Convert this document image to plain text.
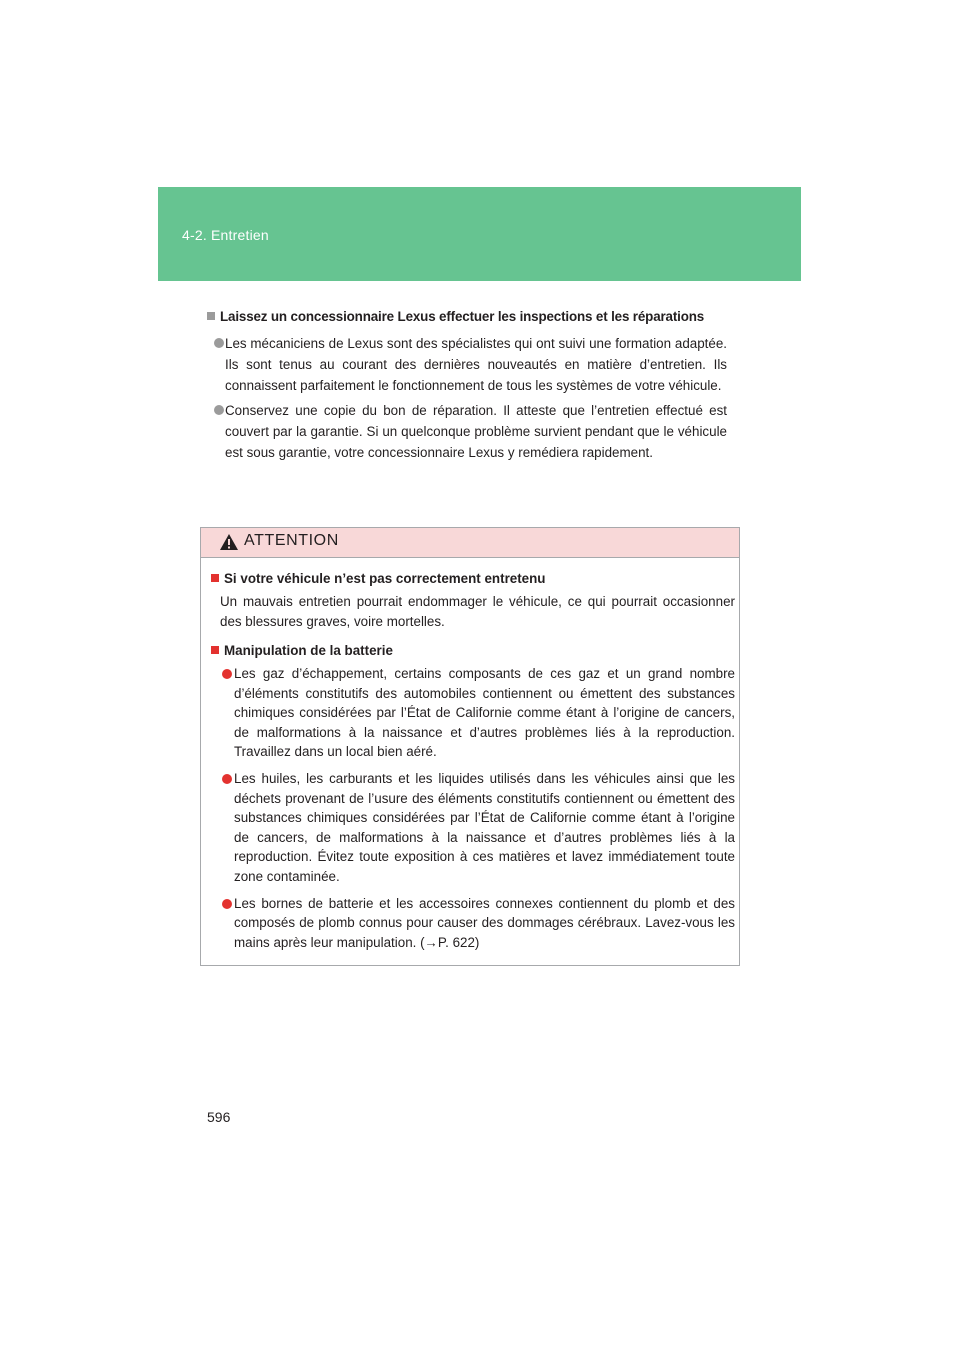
4-2. Entretien
Laissez un concessionnaire Lexus effectuer les inspections et les réparations
Les mécaniciens de Lexus sont des spécialistes qui ont suivi une formation adaptée. Ils sont tenus au courant des dernières nouveautés en matière d’entretien. Ils connaissent parfaitement le fonctionnement de tous les systèmes de votre véhicule.
Conservez une copie du bon de réparation. Il atteste que l’entretien effectué est couvert par la garantie. Si un quelconque problème survient pendant que le véhicule est sous garantie, votre concessionnaire Lexus y remédiera rapidement.
ATTENTION
Si votre véhicule n’est pas correctement entretenu
Un mauvais entretien pourrait endommager le véhicule, ce qui pourrait occasionner des blessures graves, voire mortelles.
Manipulation de la batterie
Les gaz d’échappement, certains composants de ces gaz et un grand nombre d’éléments constitutifs des automobiles contiennent ou émettent des substances chimiques considérées par l’État de Californie comme étant à l’origine de cancers, de malformations à la naissance et d’autres problèmes liés à la reproduction. Travaillez dans un local bien aéré.
Les huiles, les carburants et les liquides utilisés dans les véhicules ainsi que les déchets provenant de l’usure des éléments constitutifs contiennent ou émettent des substances chimiques considérées par l’État de Californie comme étant à l’origine de cancers, de malformations à la naissance et d’autres problèmes liés à la reproduction. Évitez toute exposition à ces matières et lavez immédiatement toute zone contaminée.
Les bornes de batterie et les accessoires connexes contiennent du plomb et des composés de plomb connus pour causer des dommages cérébraux. Lavez-vous les mains après leur manipulation. (→P. 622)
596
